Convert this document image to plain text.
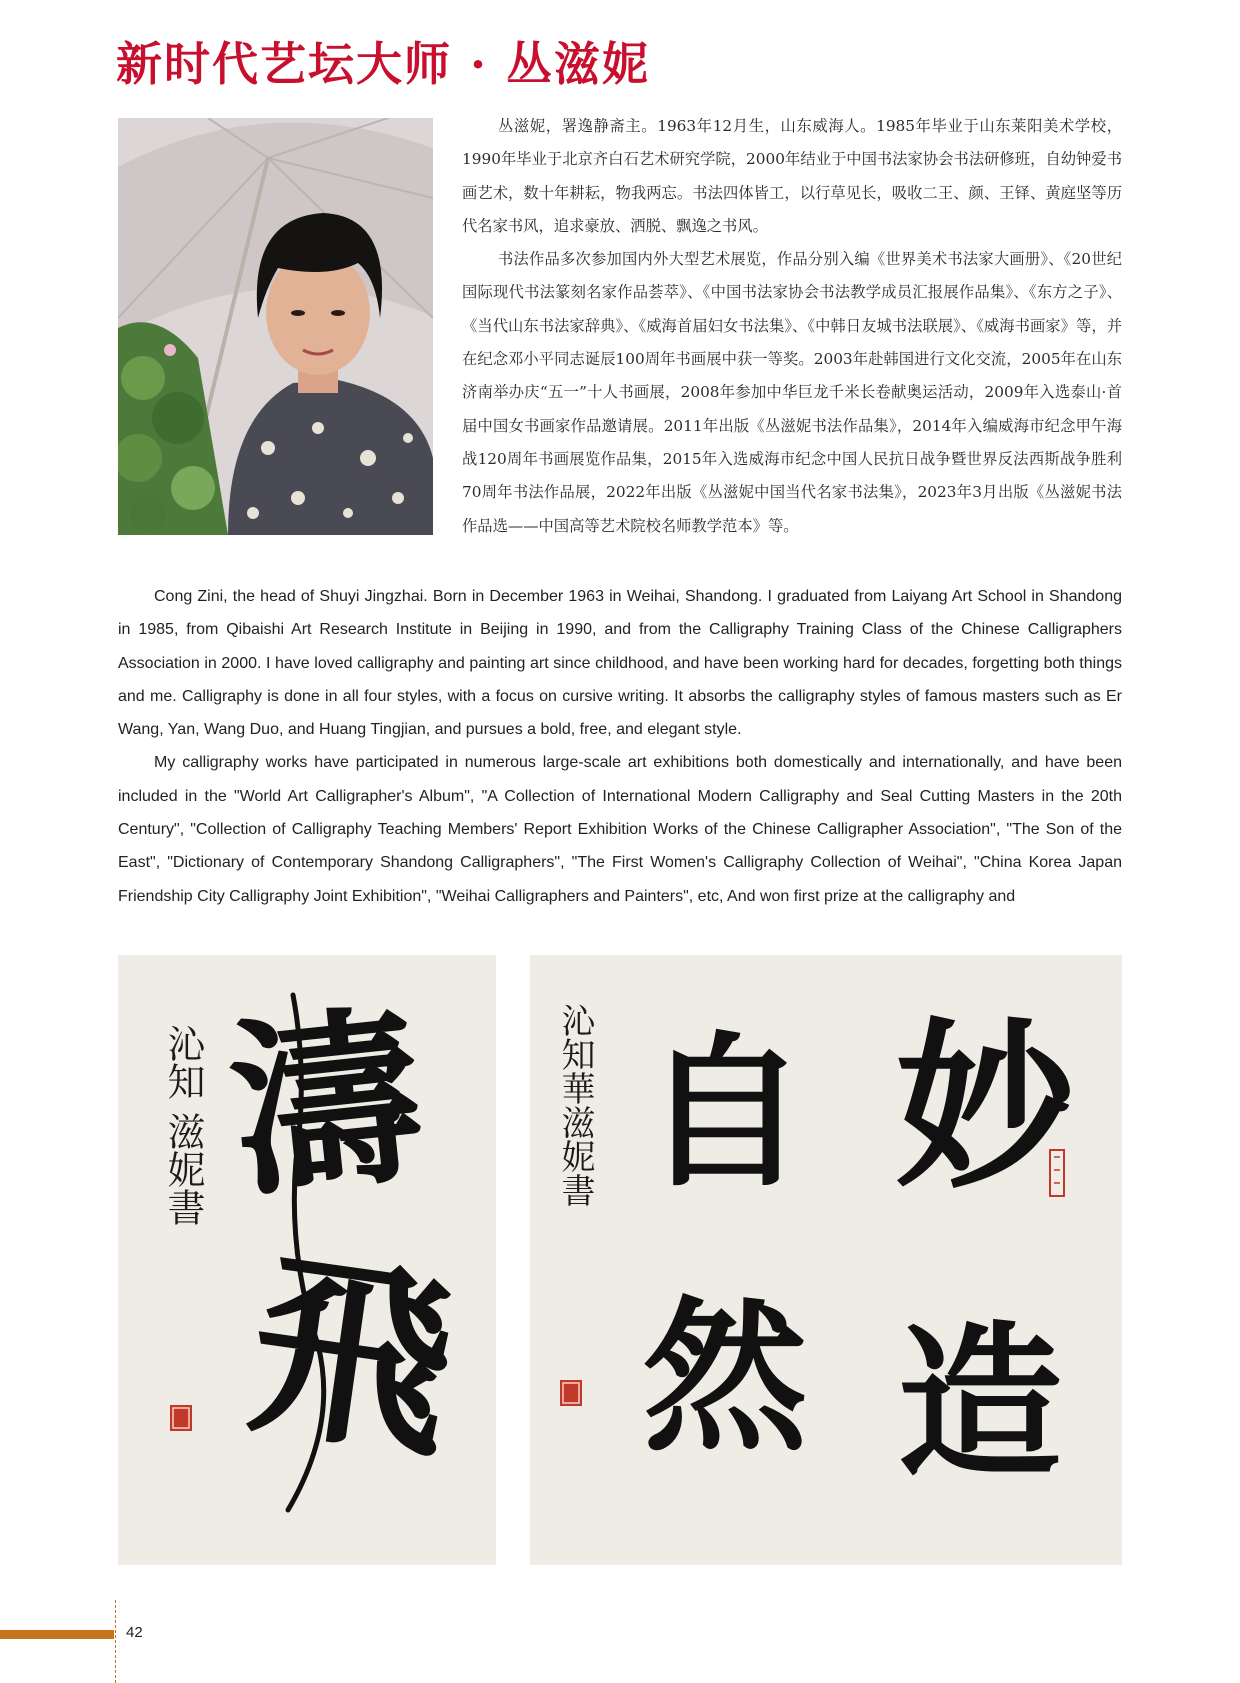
新时代艺坛大师 · 丛滋妮

丛滋妮，署逸静斋主。1963年12月生，山东威海人。1985年毕业于山东莱阳美术学校，1990年毕业于北京齐白石艺术研究学院，2000年结业于中国书法家协会书法研修班，自幼钟爱书画艺术，数十年耕耘，物我两忘。书法四体皆工，以行草见长，吸收二王、颜、王铎、黄庭坚等历代名家书风，追求豪放、洒脱、飘逸之书风。

书法作品多次参加国内外大型艺术展览，作品分别入编《世界美术书法家大画册》、《20世纪国际现代书法篆刻名家作品荟萃》、《中国书法家协会书法教学成员汇报展作品集》、《东方之子》、《当代山东书法家辞典》、《威海首届妇女书法集》、《中韩日友城书法联展》、《威海书画家》等，并在纪念邓小平同志诞辰100周年书画展中获一等奖。2003年赴韩国进行文化交流，2005年在山东济南举办庆“五一”十人书画展，2008年参加中华巨龙千米长卷献奥运活动，2009年入选泰山·首届中国女书画家作品邀请展。2011年出版《丛滋妮书法作品集》，2014年入编威海市纪念甲午海战120周年书画展览作品集，2015年入选威海市纪念中国人民抗日战争暨世界反法西斯战争胜利70周年书法作品展，2022年出版《丛滋妮中国当代名家书法集》，2023年3月出版《丛滋妮书法作品选——中国高等艺术院校名师教学范本》等。

Cong Zini, the head of Shuyi Jingzhai. Born in December 1963 in Weihai, Shandong. I graduated from Laiyang Art School in Shandong in 1985, from Qibaishi Art Research Institute in Beijing in 1990, and from the Calligraphy Training Class of the Chinese Calligraphers Association in 2000. I have loved calligraphy and painting art since childhood, and have been working hard for decades, forgetting both things and me. Calligraphy is done in all four styles, with a focus on cursive writing. It absorbs the calligraphy styles of famous masters such as Er Wang, Yan, Wang Duo, and Huang Tingjian, and pursues a bold, free, and elegant style.

My calligraphy works have participated in numerous large-scale art exhibitions both domestically and internationally, and have been included in the "World Art Calligrapher's Album", "A Collection of International Modern Calligraphy and Seal Cutting Masters in the 20th Century", "Collection of Calligraphy Teaching Members' Report Exhibition Works of the Chinese Calligrapher Association", "The Son of the East", "Dictionary of Contemporary Shandong Calligraphers", "The First Women's Calligraphy Collection of Weihai", "China Korea Japan Friendship City Calligraphy Joint Exhibition", "Weihai Calligraphers and Painters", etc, And won first prize at the calligraphy and

濤
飛
沁知 滋妮書	妙
造
自
然
沁知華滋妮書
42
